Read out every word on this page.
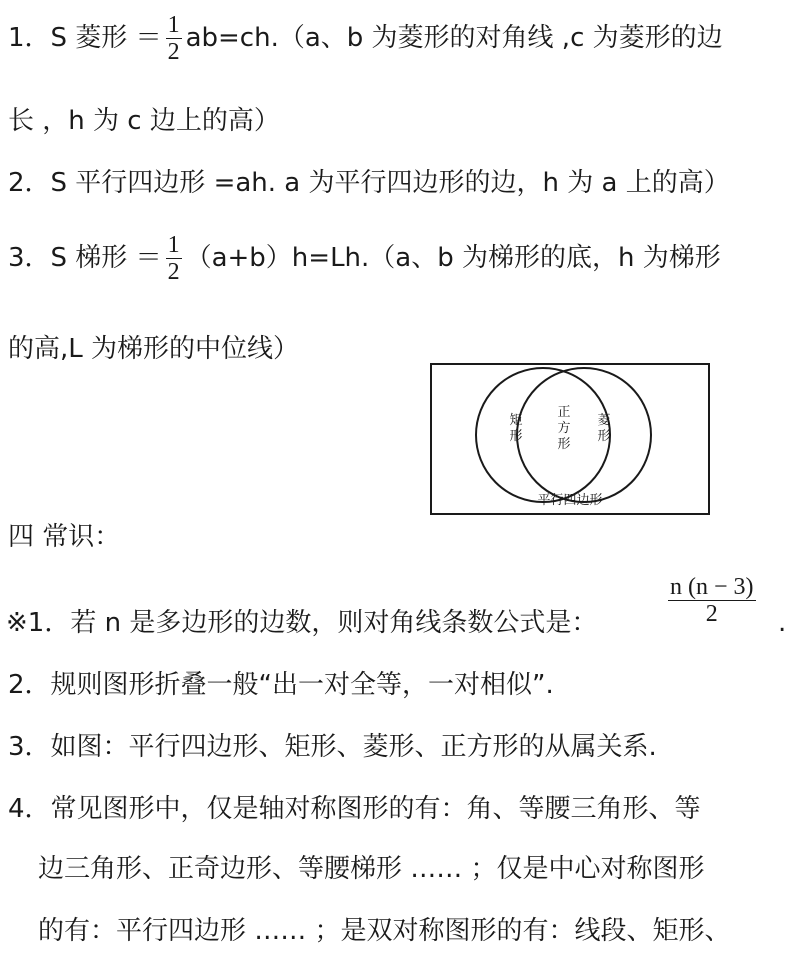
1．S 菱形 ＝ $\frac{1}{2} ab=ch.(a$、b 为菱形的对角线 ,c 为菱形的边
长 ，h 为 c 边上的高）
2．S 平行四边形 =ah. a 为平行四边形的边，h 为 a 上的高）
3．S 梯形 ＝ $\frac{1}{2} (a+b)h=Lh.(a$、b 为梯形的底，h 为梯形
的高,L 为梯形的中位线）
矩
形
正
方
形
菱
形
平行四边形
四 常识：
※1．若 n 是多边形的边数，则对角线条数公式是：
n (n − 3)
2	.
2．规则图形折叠一般“出一对全等，一对相似”.
3．如图：平行四边形、矩形、菱形、正方形的从属关系.
4．常见图形中，仅是轴对称图形的有：角、等腰三角形、等
边三角形、正奇边形、等腰梯形 …… ；仅是中心对称图形
的有：平行四边形 …… ；是双对称图形的有：线段、矩形、
